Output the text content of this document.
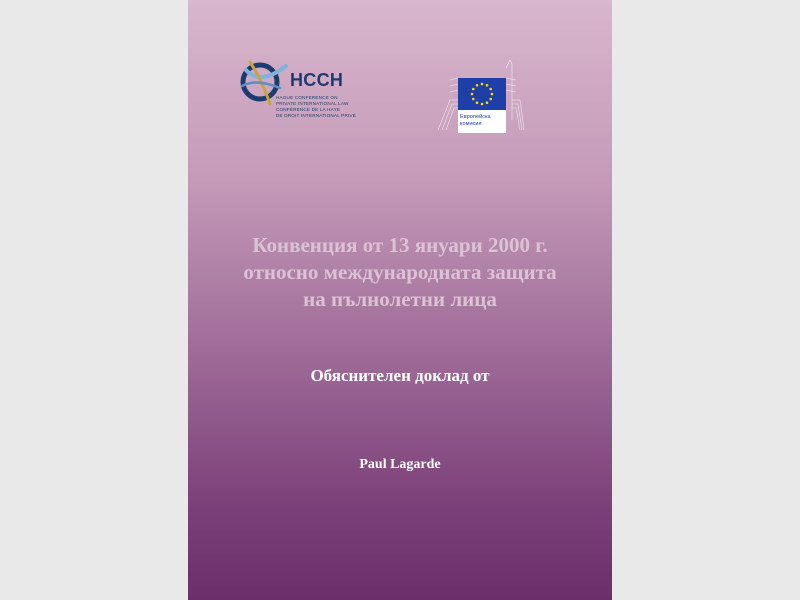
HCCH
HAGUE CONFERENCE ON
PRIVATE INTERNATIONAL LAW
CONFÉRENCE DE LA HAYE
DE DROIT INTERNATIONAL PRIVÉ	Европейска
комисия
Конвенция от 13 януари 2000 г.
относно международната защита
на пълнолетни лица
Обяснителен доклад от
Paul Lagarde
